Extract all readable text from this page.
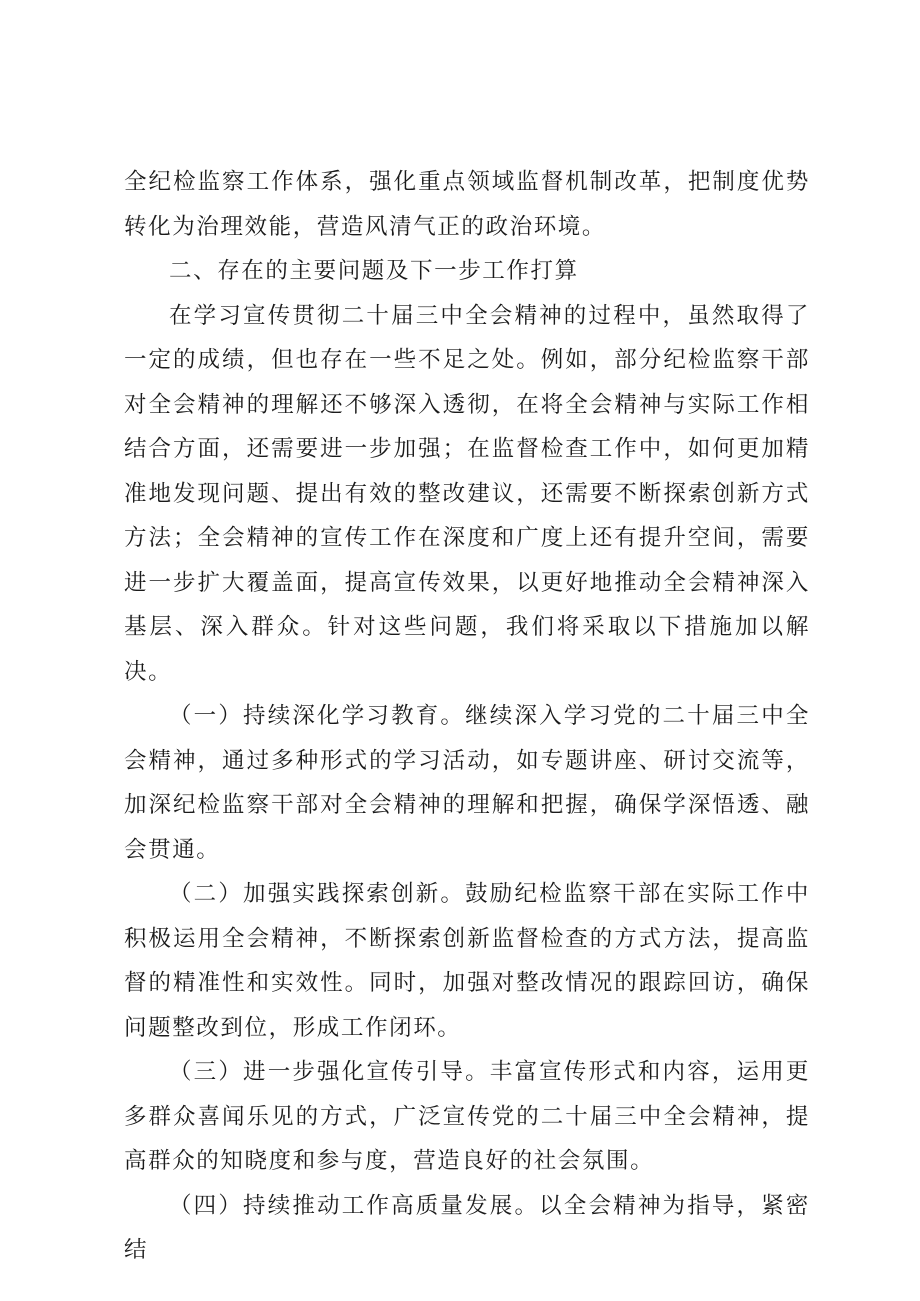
全纪检监察工作体系，强化重点领域监督机制改革，把制度优势转化为治理效能，营造风清气正的政治环境。

二、存在的主要问题及下一步工作打算

在学习宣传贯彻二十届三中全会精神的过程中，虽然取得了一定的成绩，但也存在一些不足之处。例如，部分纪检监察干部对全会精神的理解还不够深入透彻，在将全会精神与实际工作相结合方面，还需要进一步加强；在监督检查工作中，如何更加精准地发现问题、提出有效的整改建议，还需要不断探索创新方式方法；全会精神的宣传工作在深度和广度上还有提升空间，需要进一步扩大覆盖面，提高宣传效果，以更好地推动全会精神深入基层、深入群众。针对这些问题，我们将采取以下措施加以解决。

（一）持续深化学习教育。继续深入学习党的二十届三中全会精神，通过多种形式的学习活动，如专题讲座、研讨交流等，加深纪检监察干部对全会精神的理解和把握，确保学深悟透、融会贯通。

（二）加强实践探索创新。鼓励纪检监察干部在实际工作中积极运用全会精神，不断探索创新监督检查的方式方法，提高监督的精准性和实效性。同时，加强对整改情况的跟踪回访，确保问题整改到位，形成工作闭环。

（三）进一步强化宣传引导。丰富宣传形式和内容，运用更多群众喜闻乐见的方式，广泛宣传党的二十届三中全会精神，提高群众的知晓度和参与度，营造良好的社会氛围。

（四）持续推动工作高质量发展。以全会精神为指导，紧密结
